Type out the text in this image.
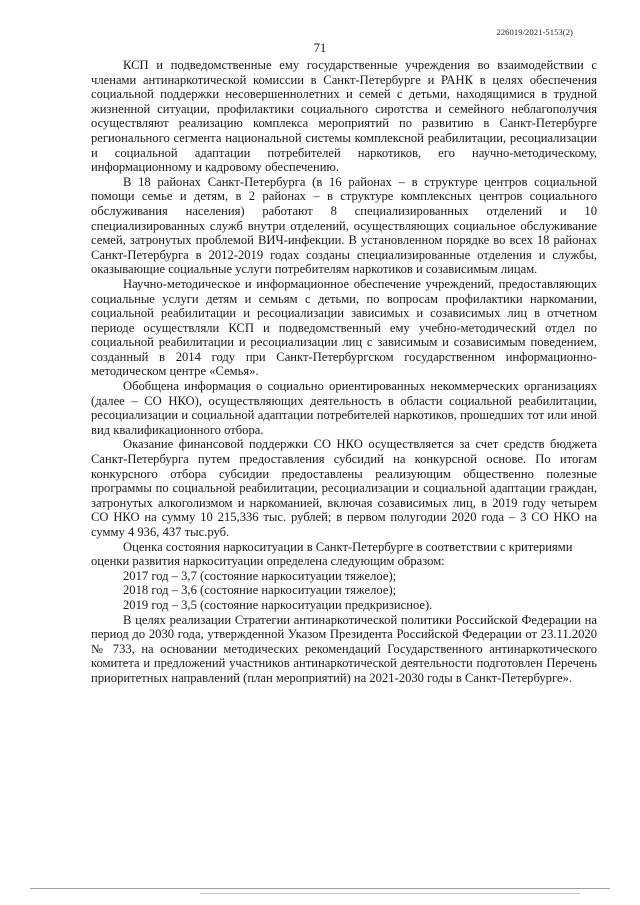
226019/2021-5153(2)
71

КСП и подведомственные ему государственные учреждения во взаимодействии с членами антинаркотической комиссии в Санкт-Петербурге и РАНК в целях обеспечения социальной поддержки несовершеннолетних и семей с детьми, находящимися в трудной жизненной ситуации, профилактики социального сиротства и семейного неблагополучия осуществляют реализацию комплекса мероприятий по развитию в Санкт-Петербурге регионального сегмента национальной системы комплексной реабилитации, ресоциализации и социальной адаптации потребителей наркотиков, его научно-методическому, информационному и кадровому обеспечению.

В 18 районах Санкт-Петербурга (в 16 районах – в структуре центров социальной помощи семье и детям, в 2 районах – в структуре комплексных центров социального обслуживания населения) работают 8 специализированных отделений и 10 специализированных служб внутри отделений, осуществляющих социальное обслуживание семей, затронутых проблемой ВИЧ-инфекции. В установленном порядке во всех 18 районах Санкт-Петербурга в 2012-2019 годах созданы специализированные отделения и службы, оказывающие социальные услуги потребителям наркотиков и созависимым лицам.

Научно-методическое и информационное обеспечение учреждений, предоставляющих социальные услуги детям и семьям с детьми, по вопросам профилактики наркомании, социальной реабилитации и ресоциализации зависимых и созависимых лиц в отчетном периоде осуществляли КСП и подведомственный ему учебно-методический отдел по социальной реабилитации и ресоциализации лиц с зависимым и созависимым поведением, созданный в 2014 году при Санкт-Петербургском государственном информационно-методическом центре «Семья».

Обобщена информация о социально ориентированных некоммерческих организациях (далее – СО НКО), осуществляющих деятельность в области социальной реабилитации, ресоциализации и социальной адаптации потребителей наркотиков, прошедших тот или иной вид квалификационного отбора.

Оказание финансовой поддержки СО НКО осуществляется за счет средств бюджета Санкт-Петербурга путем предоставления субсидий на конкурсной основе. По итогам конкурсного отбора субсидии предоставлены реализующим общественно полезные программы по социальной реабилитации, ресоциализации и социальной адаптации граждан, затронутых алкоголизмом и наркоманией, включая созависимых лиц, в 2019 году четырем СО НКО на сумму 10 215,336 тыс. рублей; в первом полугодии 2020 года – 3 СО НКО на сумму 4 936, 437 тыс.руб.

Оценка состояния наркоситуации в Санкт-Петербурге в соответствии с критериями оценки развития наркоситуации определена следующим образом:

2017 год – 3,7 (состояние наркоситуации тяжелое);

2018 год – 3,6 (состояние наркоситуации тяжелое);

2019 год – 3,5 (состояние наркоситуации предкризисное).

В целях реализации Стратегии антинаркотической политики Российской Федерации на период до 2030 года, утвержденной Указом Президента Российской Федерации от 23.11.2020 № 733, на основании методических рекомендаций Государственного антинаркотического комитета и предложений участников антинаркотической деятельности подготовлен Перечень приоритетных направлений (план мероприятий) на 2021-2030 годы в Санкт-Петербурге».
